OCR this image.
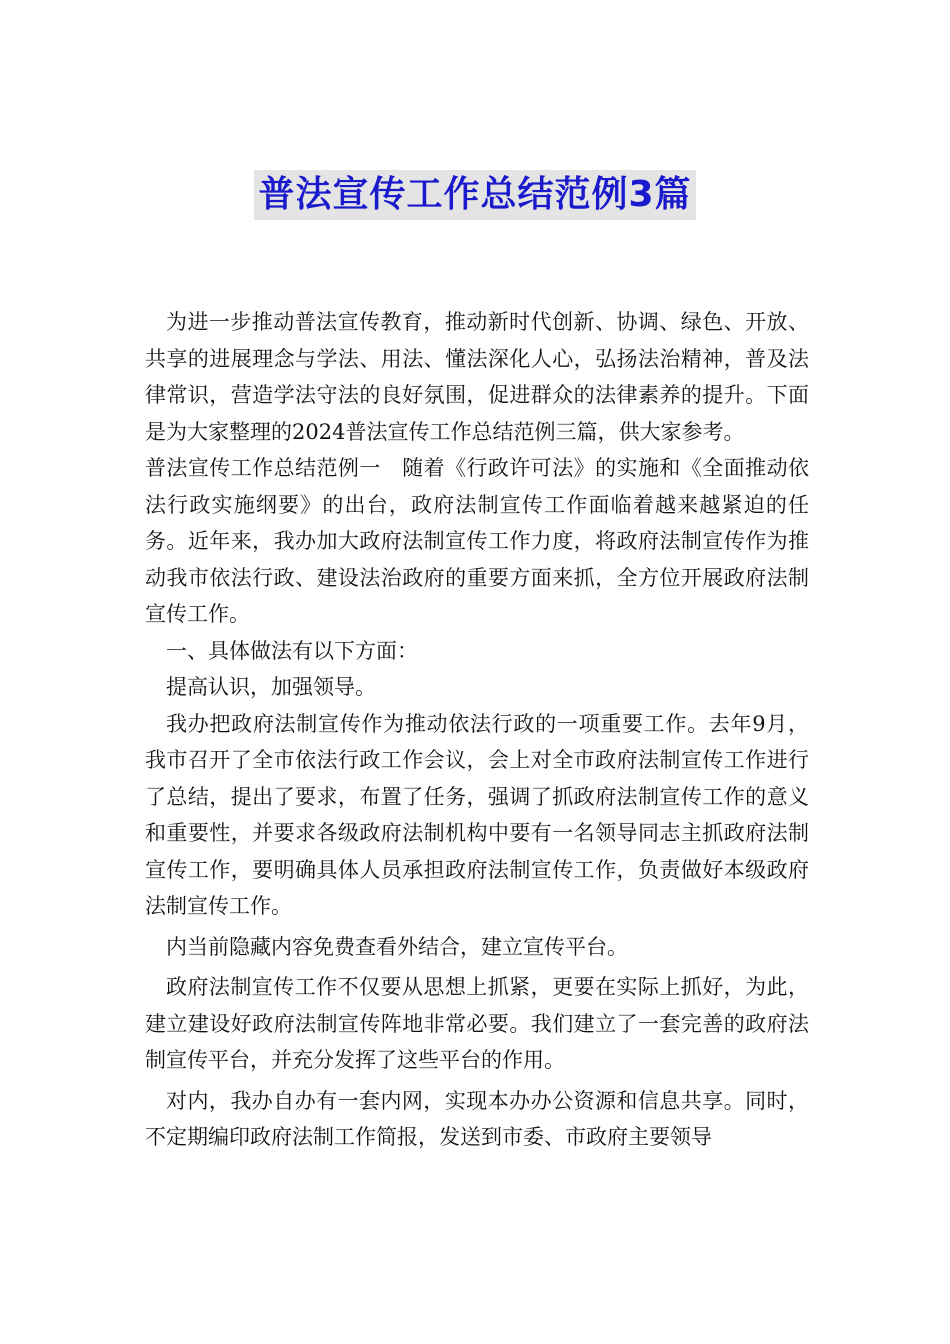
普法宣传工作总结范例3篇

为进一步推动普法宣传教育，推动新时代创新、协调、绿色、开放、共享的进展理念与学法、用法、懂法深化人心，弘扬法治精神，普及法律常识，营造学法守法的良好氛围，促进群众的法律素养的提升。下面是为大家整理的2024普法宣传工作总结范例三篇，供大家参考。

普法宣传工作总结范例一　随着《行政许可法》的实施和《全面推动依法行政实施纲要》的出台，政府法制宣传工作面临着越来越紧迫的任务。近年来，我办加大政府法制宣传工作力度，将政府法制宣传作为推动我市依法行政、建设法治政府的重要方面来抓，全方位开展政府法制宣传工作。

一、具体做法有以下方面：

提高认识，加强领导。

我办把政府法制宣传作为推动依法行政的一项重要工作。去年9月，我市召开了全市依法行政工作会议，会上对全市政府法制宣传工作进行了总结，提出了要求，布置了任务，强调了抓政府法制宣传工作的意义和重要性，并要求各级政府法制机构中要有一名领导同志主抓政府法制宣传工作，要明确具体人员承担政府法制宣传工作，负责做好本级政府法制宣传工作。

内当前隐藏内容免费查看外结合，建立宣传平台。

政府法制宣传工作不仅要从思想上抓紧，更要在实际上抓好，为此，建立建设好政府法制宣传阵地非常必要。我们建立了一套完善的政府法制宣传平台，并充分发挥了这些平台的作用。

对内，我办自办有一套内网，实现本办办公资源和信息共享。同时，不定期编印政府法制工作简报，发送到市委、市政府主要领导
